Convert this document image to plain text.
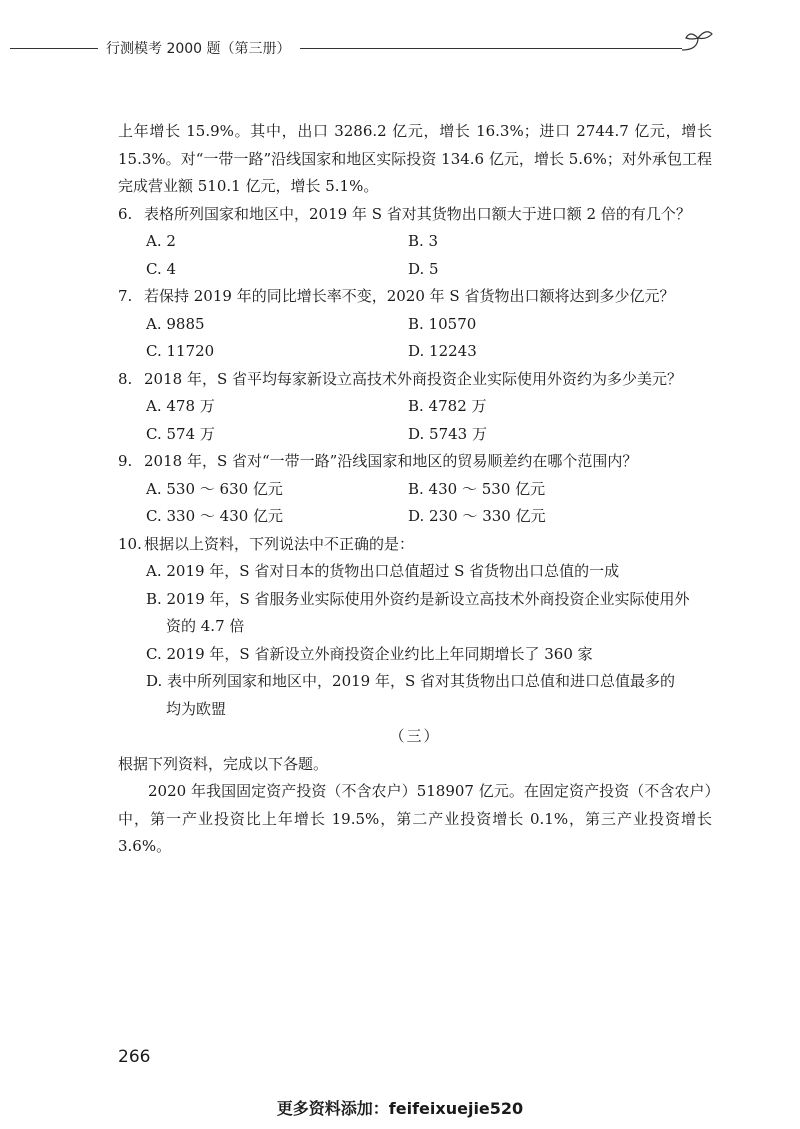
行测模考 2000 题（第三册）

上年增长 15.9%。其中，出口 3286.2 亿元，增长 16.3%；进口 2744.7 亿元，增长 15.3%。对“一带一路”沿线国家和地区实际投资 134.6 亿元，增长 5.6%；对外承包工程完成营业额 510.1 亿元，增长 5.1%。

6. 表格所列国家和地区中，2019 年 S 省对其货物出口额大于进口额 2 倍的有几个？

A. 2	B. 3
C. 4	D. 5

7. 若保持 2019 年的同比增长率不变，2020 年 S 省货物出口额将达到多少亿元？

A. 9885	B. 10570
C. 11720	D. 12243

8. 2018 年，S 省平均每家新设立高技术外商投资企业实际使用外资约为多少美元？

A. 478 万	B. 4782 万
C. 574 万	D. 5743 万

9. 2018 年，S 省对“一带一路”沿线国家和地区的贸易顺差约在哪个范围内？

A. 530 ～ 630 亿元	B. 430 ～ 530 亿元
C. 330 ～ 430 亿元	D. 230 ～ 330 亿元

10. 根据以上资料，下列说法中不正确的是：

A. 2019 年，S 省对日本的货物出口总值超过 S 省货物出口总值的一成

B. 2019 年，S 省服务业实际使用外资约是新设立高技术外商投资企业实际使用外
资的 4.7 倍

C. 2019 年，S 省新设立外商投资企业约比上年同期增长了 360 家

D. 表中所列国家和地区中，2019 年，S 省对其货物出口总值和进口总值最多的
均为欧盟

（三）

根据下列资料，完成以下各题。

2020 年我国固定资产投资（不含农户）518907 亿元。在固定资产投资（不含农户）中，第一产业投资比上年增长 19.5%，第二产业投资增长 0.1%，第三产业投资增长 3.6%。

266
更多资料添加：feifeixuejie520
